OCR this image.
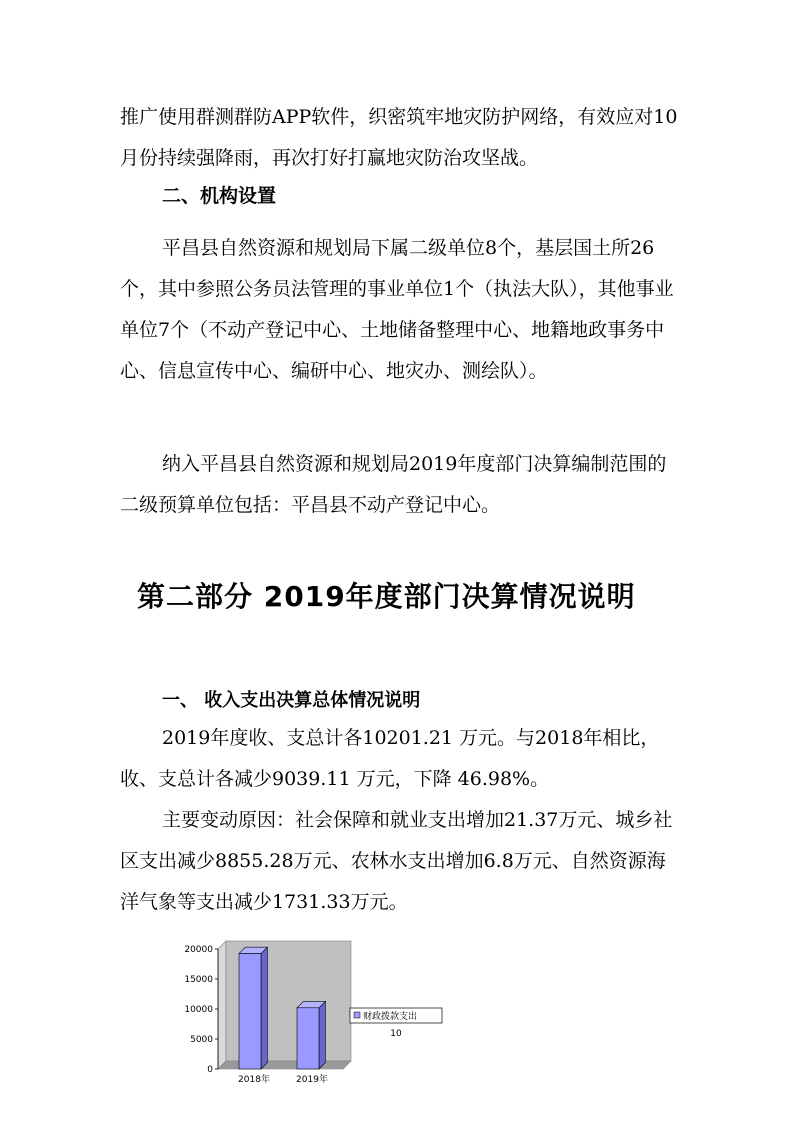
推广使用群测群防APP软件，织密筑牢地灾防护网络，有效应对10月份持续强降雨，再次打好打赢地灾防治攻坚战。

二、机构设置

平昌县自然资源和规划局下属二级单位8个，基层国土所26个，其中参照公务员法管理的事业单位1个（执法大队），其他事业单位7个（不动产登记中心、土地储备整理中心、地籍地政事务中心、信息宣传中心、编研中心、地灾办、测绘队）。

纳入平昌县自然资源和规划局2019年度部门决算编制范围的二级预算单位包括：平昌县不动产登记中心。

第二部分 2019年度部门决算情况说明

一、 收入支出决算总体情况说明

2019年度收、支总计各10201.21 万元。与2018年相比，收、支总计各减少9039.11 万元，下降 46.98%。

主要变动原因：社会保障和就业支出增加21.37万元、城乡社区支出减少8855.28万元、农林水支出增加6.8万元、自然资源海洋气象等支出减少1731.33万元。

0
5000
10000
15000
20000
2018年	2019年
财政拨款支出
10
